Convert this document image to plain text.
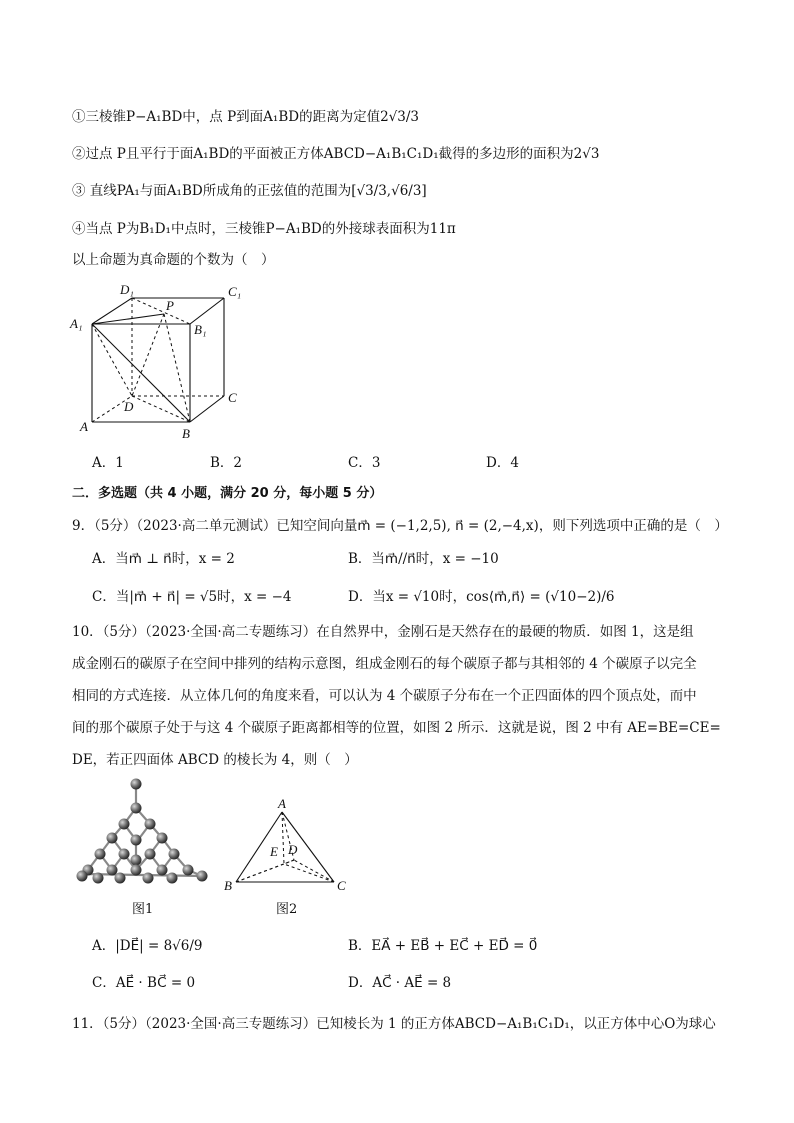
①三棱锥P−A₁BD中，点 P到面A₁BD的距离为定值2√3/3
②过点 P且平行于面A₁BD的平面被正方体ABCD−A₁B₁C₁D₁截得的多边形的面积为2√3
③ 直线PA₁与面A₁BD所成角的正弦值的范围为[√3/3,√6/3]
④当点 P为B₁D₁中点时，三棱锥P−A₁BD的外接球表面积为11π
以上命题为真命题的个数为（　）
D₁
P
C₁
A₁	B₁
D
C
A	B
A．1	B．2	C．3	D．4
二．多选题（共 4 小题，满分 20 分，每小题 5 分）
9．（5分）（2023·高二单元测试）已知空间向量m⃗ = (−1,2,5), n⃗ = (2,−4,x)，则下列选项中正确的是（　）
A．当m⃗ ⊥ n⃗时，x = 2	B．当m⃗//n⃗时，x = −10
C．当|m⃗ + n⃗| = √5时，x = −4	D．当x = √10时，cos⟨m⃗,n⃗⟩ = (√10−2)/6
10．（5分）（2023·全国·高二专题练习）在自然界中，金刚石是天然存在的最硬的物质．如图 1，这是组
成金刚石的碳原子在空间中排列的结构示意图，组成金刚石的每个碳原子都与其相邻的 4 个碳原子以完全
相同的方式连接．从立体几何的角度来看，可以认为 4 个碳原子分布在一个正四面体的四个顶点处，而中
间的那个碳原子处于与这 4 个碳原子距离都相等的位置，如图 2 所示．这就是说，图 2 中有 AE=BE=CE=
DE，若正四面体 ABCD 的棱长为 4，则（　）
图1
A
B	C
D
E
图2
A．|DE⃗| = 8√6/9	B．EA⃗ + EB⃗ + EC⃗ + ED⃗ = 0⃗
C．AE⃗ · BC⃗ = 0	D．AC⃗ · AE⃗ = 8
11．（5分）（2023·全国·高三专题练习）已知棱长为 1 的正方体ABCD−A₁B₁C₁D₁，以正方体中心O为球心
